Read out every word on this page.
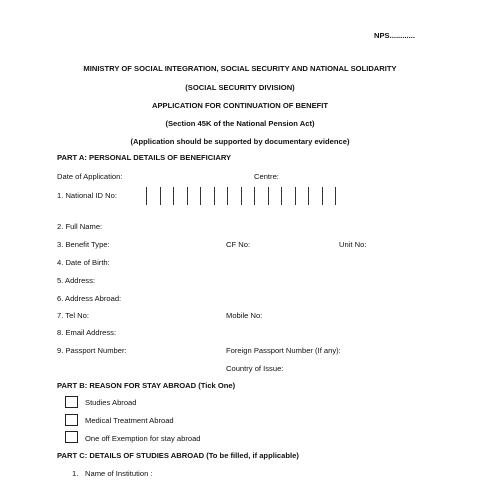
NPS............
MINISTRY OF SOCIAL INTEGRATION, SOCIAL SECURITY AND NATIONAL SOLIDARITY
(SOCIAL SECURITY DIVISION)
APPLICATION FOR CONTINUATION OF BENEFIT
(Section 45K of the National Pension Act)
(Application should be supported by documentary evidence)
PART A: PERSONAL DETAILS OF BENEFICIARY
Date of Application:	Centre:
1. National ID No:
2. Full Name:
3. Benefit Type:	CF No:	Unit No:
4. Date of Birth:
5. Address:
6. Address Abroad:
7. Tel No:	Mobile No:
8. Email Address:
9. Passport Number:	Foreign Passport Number (If any):
Country of Issue:
PART B: REASON FOR STAY ABROAD (Tick One)
Studies Abroad
Medical Treatment Abroad
One off Exemption for stay abroad
PART C: DETAILS OF STUDIES ABROAD (To be filled, if applicable)
1. Name of Institution :
